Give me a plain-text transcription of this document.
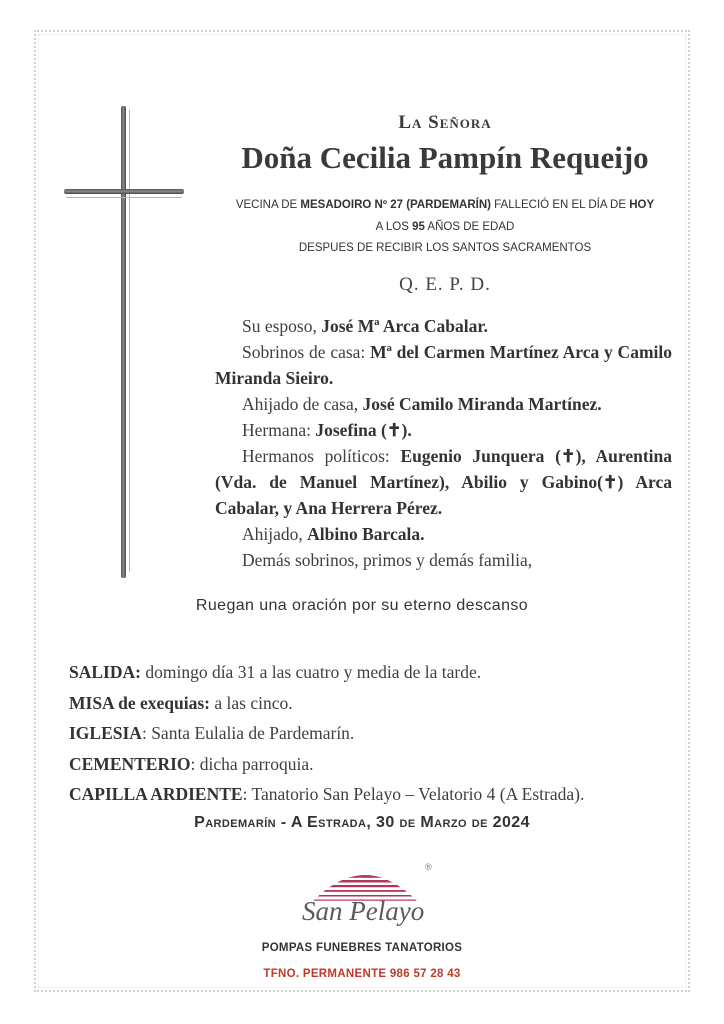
La Señora
Doña Cecilia Pampín Requeijo
VECINA DE MESADOIRO Nº 27 (PARDEMARÍN) FALLECIÓ EN EL DÍA DE HOY
A LOS 95 AÑOS DE EDAD
DESPUES DE RECIBIR LOS SANTOS SACRAMENTOS
Q. E. P. D.

Su esposo, José Mª Arca Cabalar.

Sobrinos de casa: Mª del Carmen Martínez Arca y Camilo Miranda Sieiro.

Ahijado de casa, José Camilo Miranda Martínez.

Hermana: Josefina (✝).

Hermanos políticos: Eugenio Junquera (✝), Aurentina (Vda. de Manuel Martínez), Abilio y Gabino(✝) Arca Cabalar, y Ana Herrera Pérez.

Ahijado, Albino Barcala.

Demás sobrinos, primos y demás familia,

Ruegan una oración por su eterno descanso
SALIDA: domingo día 31 a las cuatro y media de la tarde.
MISA de exequias: a las cinco.
IGLESIA: Santa Eulalia de Pardemarín.
CEMENTERIO: dicha parroquia.
CAPILLA ARDIENTE: Tanatorio San Pelayo – Velatorio 4 (A Estrada).
Pardemarín - A Estrada, 30 de Marzo de 2024
®
San Pelayo
POMPAS FUNEBRES TANATORIOS
TFNO. PERMANENTE 986 57 28 43
